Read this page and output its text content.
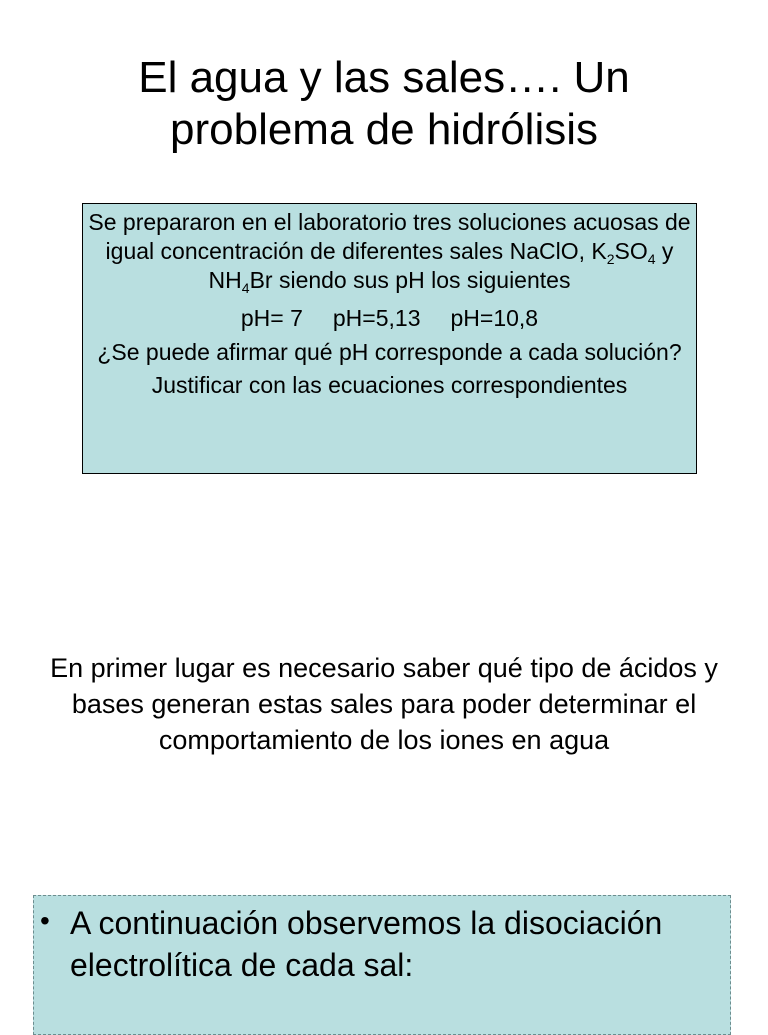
El agua y las sales…. Un problema de hidrólisis

Se prepararon en el laboratorio tres soluciones acuosas de igual concentración de diferentes sales NaClO, $K_2SO_4$ y $NH_4Br$ siendo sus pH los siguientes

pH= 7 pH=5,13 pH=10,8

¿Se puede afirmar qué pH corresponde a cada solución?

Justificar con las ecuaciones correspondientes

En primer lugar es necesario saber qué tipo de ácidos y bases generan estas sales para poder determinar el comportamiento de los iones en agua

• A continuación observemos la disociación electrolítica de cada sal:
